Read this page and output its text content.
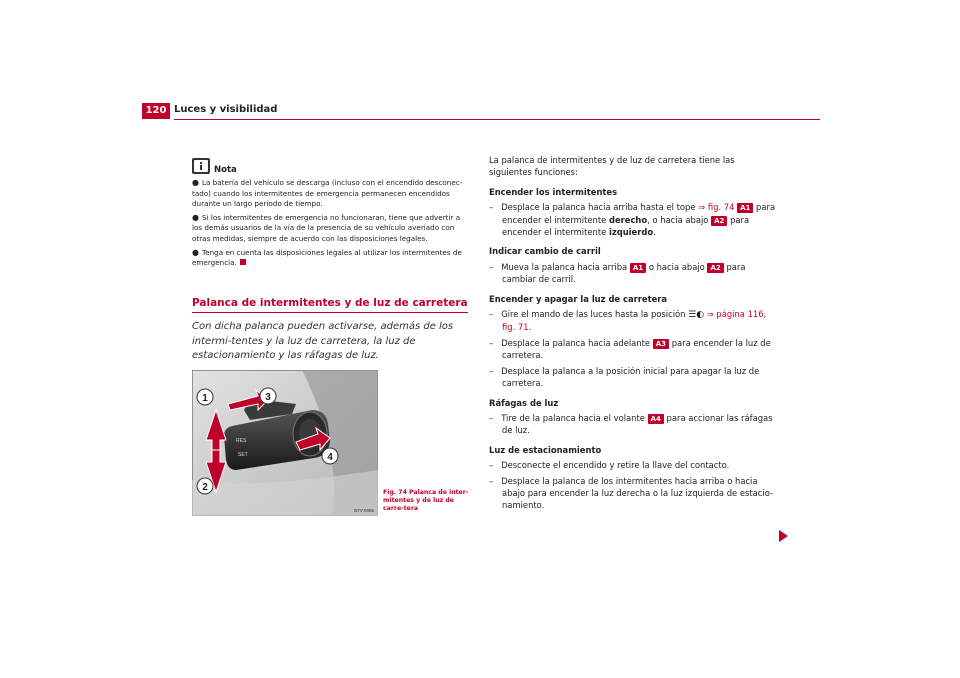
120 Luces y visibilidad
Nota

● La batería del vehículo se descarga (incluso con el encendido desconec-tado) cuando los intermitentes de emergencia permanecen encendidos durante un largo periodo de tiempo.

● Si los intermitentes de emergencia no funcionaran, tiene que advertir a los demás usuarios de la vía de la presencia de su vehículo averiado con otras medidas, siempre de acuerdo con las disposiciones legales.

● Tenga en cuenta las disposiciones legales al utilizar los intermitentes de emergencia.

Palanca de intermitentes y de luz de carretera
Con dicha palanca pueden activarse, además de los intermi-tentes y la luz de carretera, la luz de estacionamiento y las ráfagas de luz.
RES
SET
1
2
3
4
B7V-0065
Fig. 74 Palanca de inter-mitentes y de luz de carre-tera

La palanca de intermitentes y de luz de carretera tiene las siguientes funciones:

Encender los intermitentes

–   Desplace la palanca hacia arriba hasta el tope ⇒ fig. 74 A1 para encender el intermitente derecho, o hacia abajo A2 para encender el intermitente izquierdo.

Indicar cambio de carril

–   Mueva la palanca hacia arriba A1 o hacia abajo A2 para cambiar de carril.

Encender y apagar la luz de carretera

–   Gire el mando de las luces hasta la posición ☰◐ ⇒ página 116, fig. 71.

–   Desplace la palanca hacia adelante A3 para encender la luz de carretera.

–   Desplace la palanca a la posición inicial para apagar la luz de carretera.

Ráfagas de luz

–   Tire de la palanca hacia el volante A4 para accionar las ráfagas de luz.

Luz de estacionamiento

–   Desconecte el encendido y retire la llave del contacto.

–   Desplace la palanca de los intermitentes hacia arriba o hacia abajo para encender la luz derecha o la luz izquierda de estacio-namiento.
